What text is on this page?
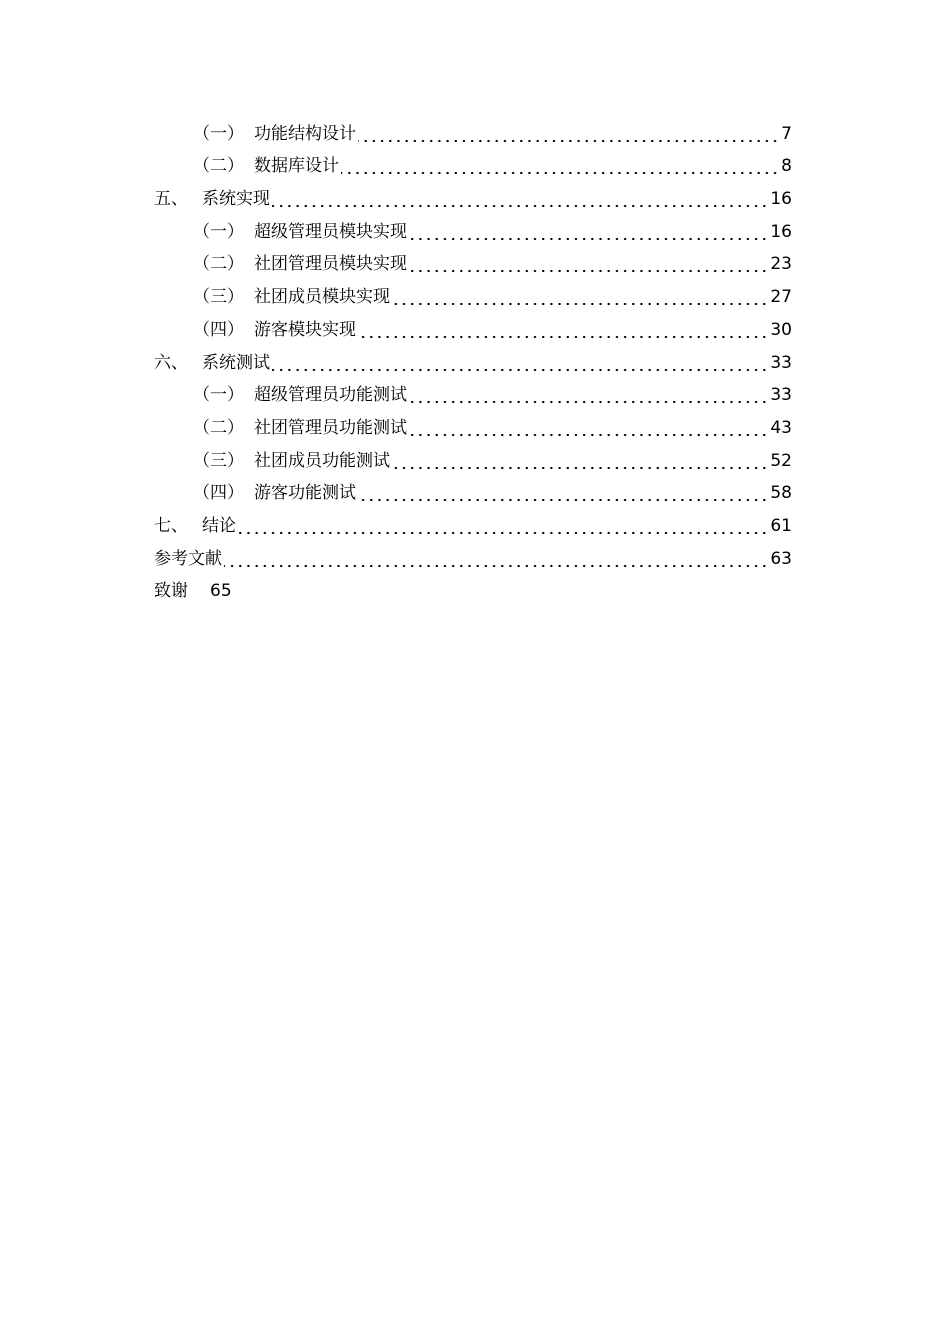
（一） 功能结构设计	7
（二） 数据库设计	8
五、 系统实现	16
（一） 超级管理员模块实现	16
（二） 社团管理员模块实现	23
（三） 社团成员模块实现	27
（四） 游客模块实现	30
六、 系统测试	33
（一） 超级管理员功能测试	33
（二） 社团管理员功能测试	43
（三） 社团成员功能测试	52
（四） 游客功能测试	58
七、 结论	61
参考文献	63
致谢 65
